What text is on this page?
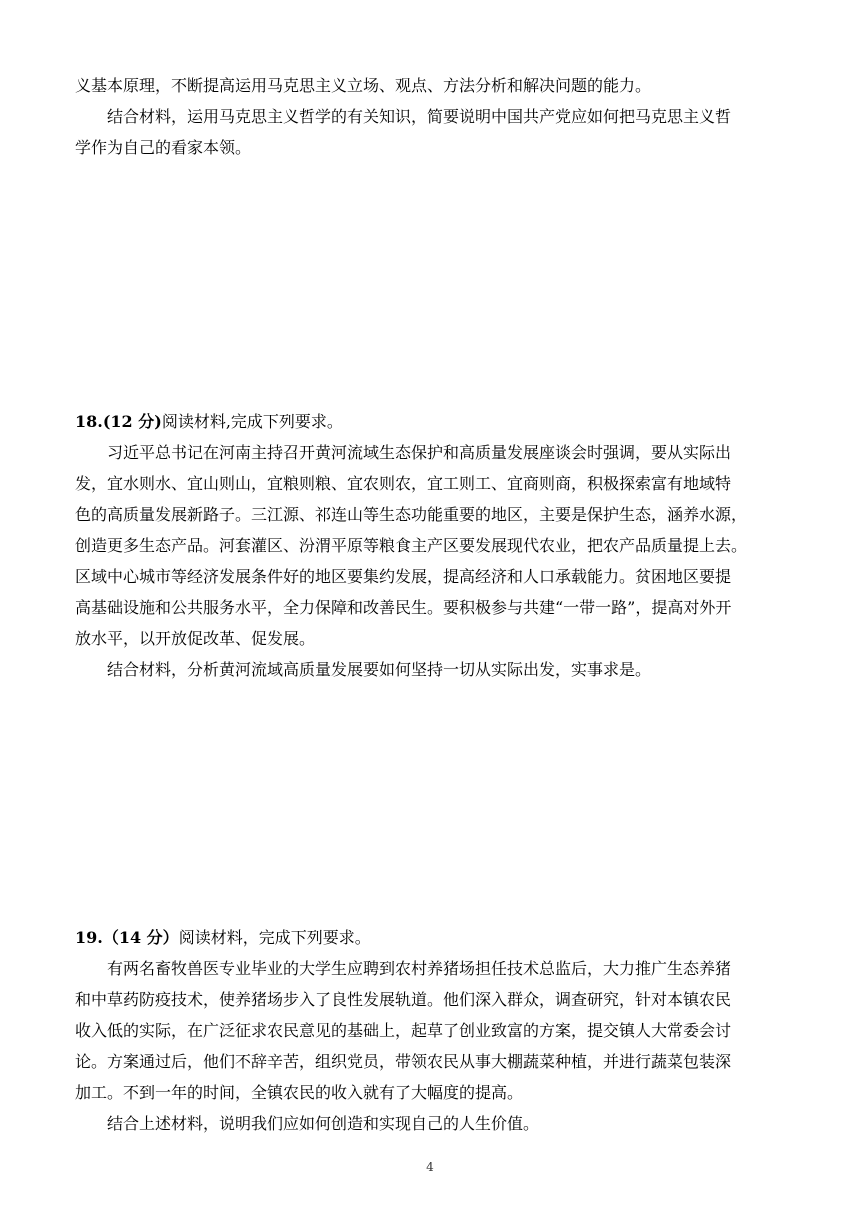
义基本原理，不断提高运用马克思主义立场、观点、方法分析和解决问题的能力。
结合材料，运用马克思主义哲学的有关知识，简要说明中国共产党应如何把马克思主义哲
学作为自己的看家本领。
18.(12 分)阅读材料,完成下列要求。
习近平总书记在河南主持召开黄河流域生态保护和高质量发展座谈会时强调，要从实际出
发，宜水则水、宜山则山，宜粮则粮、宜农则农，宜工则工、宜商则商，积极探索富有地域特
色的高质量发展新路子。三江源、祁连山等生态功能重要的地区，主要是保护生态，涵养水源，
创造更多生态产品。河套灌区、汾渭平原等粮食主产区要发展现代农业，把农产品质量提上去。
区域中心城市等经济发展条件好的地区要集约发展，提高经济和人口承载能力。贫困地区要提
高基础设施和公共服务水平，全力保障和改善民生。要积极参与共建“一带一路”，提高对外开
放水平，以开放促改革、促发展。
结合材料，分析黄河流域高质量发展要如何坚持一切从实际出发，实事求是。
19.（14 分）阅读材料，完成下列要求。
有两名畜牧兽医专业毕业的大学生应聘到农村养猪场担任技术总监后，大力推广生态养猪
和中草药防疫技术，使养猪场步入了良性发展轨道。他们深入群众，调查研究，针对本镇农民
收入低的实际，在广泛征求农民意见的基础上，起草了创业致富的方案，提交镇人大常委会讨
论。方案通过后，他们不辞辛苦，组织党员，带领农民从事大棚蔬菜种植，并进行蔬菜包装深
加工。不到一年的时间，全镇农民的收入就有了大幅度的提高。
结合上述材料，说明我们应如何创造和实现自己的人生价值。
4
